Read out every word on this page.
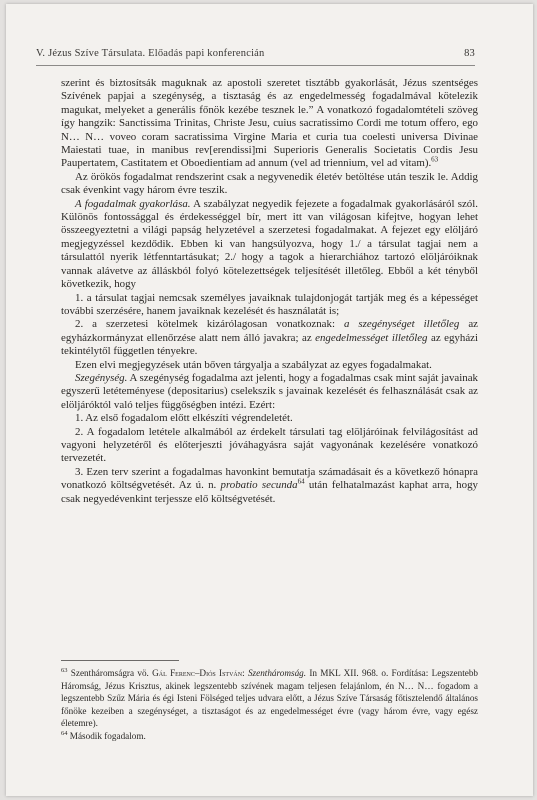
V. Jézus Szíve Társulata. Előadás papi konferencián	83

szerint és biztosítsák maguknak az apostoli szeretet tisztább gyakorlását, Jézus szentséges Szívének papjai a szegénység, a tisztaság és az engedelmesség fogadalmával kötelezik magukat, melyeket a generális főnök kezébe tesznek le.” A vonatkozó fogadalomtételi szöveg így hangzik: Sanctissima Trinitas, Christe Jesu, cuius sacratissimo Cordi me totum offero, ego N… N… voveo coram sacratissima Virgine Maria et curia tua coelesti universa Divinae Maiestati tuae, in manibus rev[erendissi]mi Superioris Generalis Societatis Cordis Jesu Paupertatem, Castitatem et Oboedientiam ad annum (vel ad triennium, vel ad vitam).$^{63}$

Az örökös fogadalmat rendszerint csak a negyvenedik életév betöltése után teszik le. Addig csak évenkint vagy három évre teszik.

A fogadalmak gyakorlása. A szabályzat negyedik fejezete a fogadalmak gyakorlásáról szól. Különös fontossággal és érdekességgel bír, mert itt van világosan kifejtve, hogyan lehet összeegyeztetni a világi papság helyzetével a szerzetesi fogadalmakat. A fejezet egy elöljáró megjegyzéssel kezdődik. Ebben ki van hangsúlyozva, hogy 1./ a társulat tagjai nem a társulattól nyerik létfenntartásukat; 2./ hogy a tagok a hierarchiához tartozó elöljáróiknak vannak alávetve az álláskból folyó kötelezettségek teljesítését illetőleg. Ebből a két tényből következik, hogy

1. a társulat tagjai nemcsak személyes javaiknak tulajdonjogát tartják meg és a képességet további szerzésére, hanem javaiknak kezelését és használatát is;

2. a szerzetesi kötelmek kizárólagosan vonatkoznak: a szegénységet illetőleg az egyházkormányzat ellenőrzése alatt nem álló javakra; az engedelmességet illetőleg az egyházi tekintélytől független tényekre.

Ezen elvi megjegyzések után bőven tárgyalja a szabályzat az egyes fogadalmakat.

Szegénység. A szegénység fogadalma azt jelenti, hogy a fogadalmas csak mint saját javainak egyszerű letéteményese (depositarius) cselekszik s javainak kezelését és felhasználását csak az elöljáróktól való teljes függőségben intézi. Ezért:

1. Az első fogadalom előtt elkészíti végrendeletét.

2. A fogadalom letétele alkalmából az érdekelt társulati tag elöljáróinak felvilágosítást ad vagyoni helyzetéről és előterjeszti jóváhagyásra saját vagyonának kezelésére vonatkozó tervezetét.

3. Ezen terv szerint a fogadalmas havonkint bemutatja számadásait és a következő hónapra vonatkozó költségvetését. Az ú. n. probatio secunda$^{64}$ után felhatalmazást kaphat arra, hogy csak negyedévenkint terjessze elő költségvetését.

$^{63}$ Szentháromságra vö. Gál Ferenc–Diós István: Szentháromság. In MKL XII. 968. o. Fordítása: Legszentebb Háromság, Jézus Krisztus, akinek legszentebb szívének magam teljesen felajánlom, én N… N… fogadom a legszentebb Szűz Mária és égi Isteni Fölséged teljes udvara előtt, a Jézus Szíve Társaság főtisztelendő általános főnöke kezeiben a szegénységet, a tisztaságot és az engedelmességet évre (vagy három évre, vagy egész életemre).

$^{64}$ Második fogadalom.
